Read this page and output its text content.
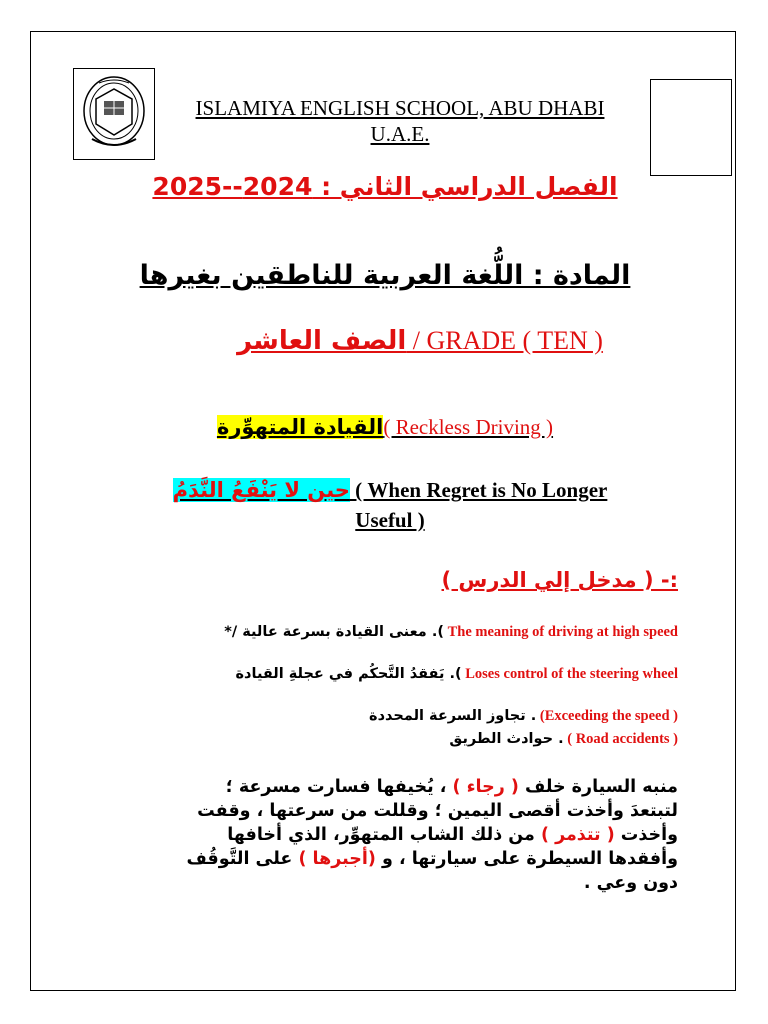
ISLAMIYA ENGLISH SCHOOL, ABU DHABI
U.A.E.
الفصل الدراسي الثاني : 2024--2025
المادة : اللُّغة العربية للناطقين بغيرها
الصف العاشر / GRADE ( TEN )
القيادة المتهوِّرة( Reckless Driving )
حين لا يَنْفَعُ النَّدَمُ ( When Regret is No Longer
Useful )
:- ( مدخل إلي الدرس )
*/ معنى القيادة بسرعة عالية .( The meaning of driving at high speed
يَفقدُ التَّحكُم في عجلةِ القيادة .( Loses control of the steering wheel
تجاوز السرعة المحددة . (Exceeding the speed )
حوادث الطريق . ( Road accidents )
منبه السيارة خلف ( رجاء ) ، يُخيفها فسارت مسرعة ؛ لتبتعدَ وأخذت أقصى اليمين ؛ وقللت من سرعتها ، وقفت وأخذت ( تتذمر ) من ذلك الشاب المتهوِّر، الذي أخافها وأفقدها السيطرة على سيارتها ، و (أجبرها ) على التَّوقُف دون وعي .
